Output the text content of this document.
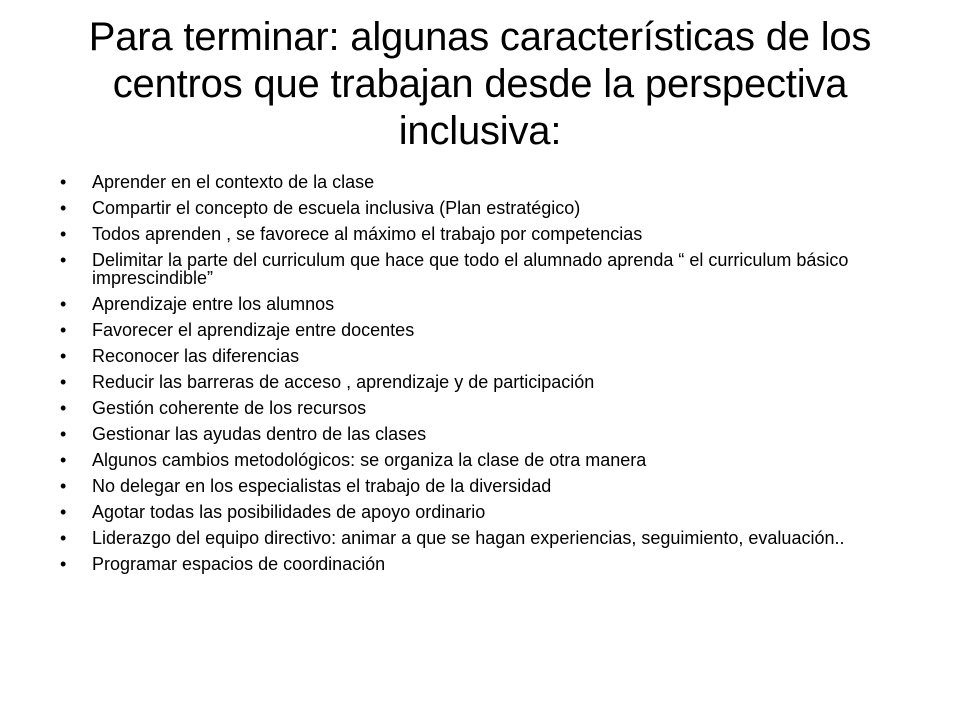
Para terminar: algunas características de los centros que trabajan desde la perspectiva inclusiva:
•	Aprender en el contexto de la clase
•	Compartir el concepto de escuela inclusiva (Plan estratégico)
•	Todos aprenden , se favorece al máximo el trabajo por competencias
•	Delimitar la parte del curriculum que hace que todo el alumnado aprenda “ el curriculum básico imprescindible”
•	Aprendizaje entre los alumnos
•	Favorecer el aprendizaje entre docentes
•	Reconocer las diferencias
•	Reducir las barreras de acceso , aprendizaje y de participación
•	Gestión coherente de los recursos
•	Gestionar las ayudas dentro de las clases
•	Algunos cambios metodológicos: se organiza la clase de otra manera
•	No delegar en los especialistas el trabajo de la diversidad
•	Agotar todas las posibilidades de apoyo ordinario
•	Liderazgo del equipo directivo: animar a que se hagan experiencias, seguimiento, evaluación..
•	Programar espacios de coordinación
